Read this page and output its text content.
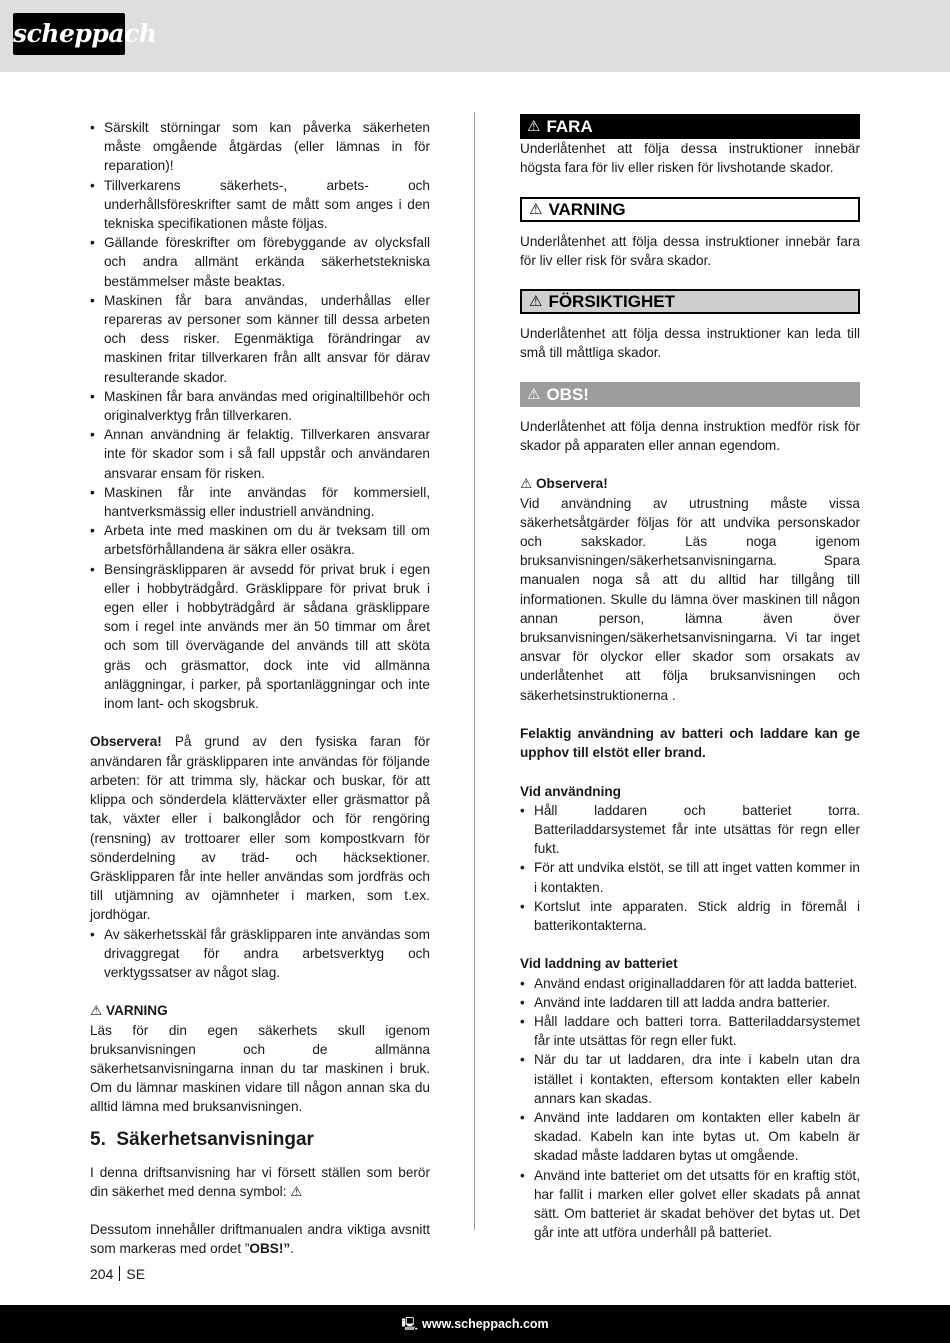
scheppach
• Särskilt störningar som kan påverka säkerheten måste omgående åtgärdas (eller lämnas in för reparation)!
• Tillverkarens säkerhets-, arbets- och underhållsföreskrifter samt de mått som anges i den tekniska specifikationen måste följas.
• Gällande föreskrifter om förebyggande av olycksfall och andra allmänt erkända säkerhetstekniska bestämmelser måste beaktas.
• Maskinen får bara användas, underhållas eller repareras av personer som känner till dessa arbeten och dess risker. Egenmäktiga förändringar av maskinen fritar tillverkaren från allt ansvar för därav resulterande skador.
• Maskinen får bara användas med originaltillbehör och originalverktyg från tillverkaren.
• Annan användning är felaktig. Tillverkaren ansvarar inte för skador som i så fall uppstår och användaren ansvarar ensam för risken.
• Maskinen får inte användas för kommersiell, hantverksmässig eller industriell användning.
• Arbeta inte med maskinen om du är tveksam till om arbetsförhållandena är säkra eller osäkra.
• Bensingräsklipparen är avsedd för privat bruk i egen eller i hobbyträdgård. Gräsklippare för privat bruk i egen eller i hobbyträdgård är sådana gräsklippare som i regel inte används mer än 50 timmar om året och som till övervägande del används till att sköta gräs och gräsmattor, dock inte vid allmänna anläggningar, i parker, på sportanläggningar och inte inom lant- och skogsbruk.

Observera! På grund av den fysiska faran för användaren får gräsklipparen inte användas för följande arbeten: för att trimma sly, häckar och buskar, för att klippa och sönderdela klätterväxter eller gräsmattor på tak, växter eller i balkonglådor och för rengöring (rensning) av trottoarer eller som kompostkvarn för sönderdelning av träd- och häcksektioner. Gräsklipparen får inte heller användas som jordfräs och till utjämning av ojämnheter i marken, som t.ex. jordhögar.

• Av säkerhetsskäl får gräsklipparen inte användas som drivaggregat för andra arbetsverktyg och verktygssatser av något slag.

⚠ VARNING

Läs för din egen säkerhets skull igenom bruksanvisningen och de allmänna säkerhetsanvisningarna innan du tar maskinen i bruk. Om du lämnar maskinen vidare till någon annan ska du alltid lämna med bruksanvisningen.

5. Säkerhetsanvisningar

I denna driftsanvisning har vi försett ställen som berör din säkerhet med denna symbol: ⚠

Dessutom innehåller driftmanualen andra viktiga avsnitt som markeras med ordet ”OBS!”.

⚠ FARA

Underlåtenhet att följa dessa instruktioner innebär högsta fara för liv eller risken för livshotande skador.

⚠ VARNING

Underlåtenhet att följa dessa instruktioner innebär fara för liv eller risk för svåra skador.

⚠ FÖRSIKTIGHET

Underlåtenhet att följa dessa instruktioner kan leda till små till måttliga skador.

⚠ OBS!

Underlåtenhet att följa denna instruktion medför risk för skador på apparaten eller annan egendom.

⚠ Observera!

Vid användning av utrustning måste vissa säkerhetsåtgärder följas för att undvika personskador och sakskador. Läs noga igenom bruksanvisningen/säkerhetsanvisningarna. Spara manualen noga så att du alltid har tillgång till informationen. Skulle du lämna över maskinen till någon annan person, lämna även över bruksanvisningen/säkerhetsanvisningarna. Vi tar inget ansvar för olyckor eller skador som orsakats av underlåtenhet att följa bruksanvisningen och säkerhetsinstruktionerna .

Felaktig användning av batteri och laddare kan ge upphov till elstöt eller brand.

Vid användning

• Håll laddaren och batteriet torra. Batteriladdarsystemet får inte utsättas för regn eller fukt.
• För att undvika elstöt, se till att inget vatten kommer in i kontakten.
• Kortslut inte apparaten. Stick aldrig in föremål i batterikontakterna.

Vid laddning av batteriet

• Använd endast originalladdaren för att ladda batteriet.
• Använd inte laddaren till att ladda andra batterier.
• Håll laddare och batteri torra. Batteriladdarsystemet får inte utsättas för regn eller fukt.
• När du tar ut laddaren, dra inte i kabeln utan dra istället i kontakten, eftersom kontakten eller kabeln annars kan skadas.
• Använd inte laddaren om kontakten eller kabeln är skadad. Kabeln kan inte bytas ut. Om kabeln är skadad måste laddaren bytas ut omgående.
• Använd inte batteriet om det utsatts för en kraftig stöt, har fallit i marken eller golvet eller skadats på annat sätt. Om batteriet är skadat behöver det bytas ut. Det går inte att utföra underhåll på batteriet.
204 SE
🖳 www.scheppach.com
